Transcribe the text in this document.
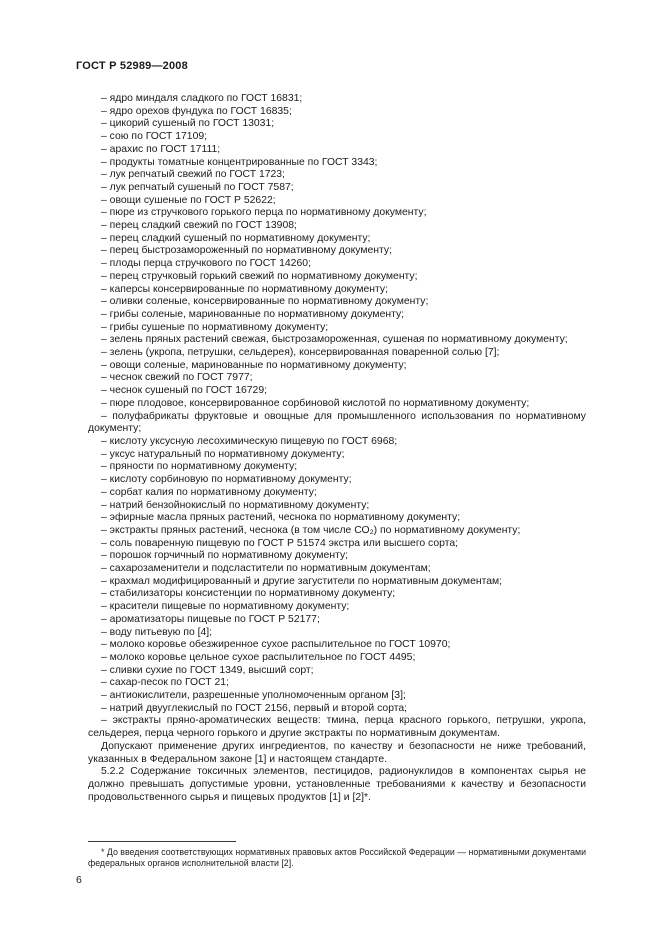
ГОСТ Р 52989—2008

– ядро миндаля сладкого по ГОСТ 16831;

– ядро орехов фундука по ГОСТ 16835;

– цикорий сушеный по ГОСТ 13031;

– сою по ГОСТ 17109;

– арахис по ГОСТ 17111;

– продукты томатные концентрированные по ГОСТ 3343;

– лук репчатый свежий по ГОСТ 1723;

– лук репчатый сушеный по ГОСТ 7587;

– овощи сушеные по ГОСТ Р 52622;

– пюре из стручкового горького перца по нормативному документу;

– перец сладкий свежий по ГОСТ 13908;

– перец сладкий сушеный по нормативному документу;

– перец быстрозамороженный по нормативному документу;

– плоды перца стручкового по ГОСТ 14260;

– перец стручковый горький свежий по нормативному документу;

– каперсы консервированные по нормативному документу;

– оливки соленые, консервированные по нормативному документу;

– грибы соленые, маринованные по нормативному документу;

– грибы сушеные по нормативному документу;

– зелень пряных растений свежая, быстрозамороженная, сушеная по нормативному документу;

– зелень (укропа, петрушки, сельдерея), консервированная поваренной солью [7];

– овощи соленые, маринованные по нормативному документу;

– чеснок свежий по ГОСТ 7977;

– чеснок сушеный по ГОСТ 16729;

– пюре плодовое, консервированное сорбиновой кислотой по нормативному документу;

– полуфабрикаты фруктовые и овощные для промышленного использования по нормативному документу;

– кислоту уксусную лесохимическую пищевую по ГОСТ 6968;

– уксус натуральный по нормативному документу;

– пряности по нормативному документу;

– кислоту сорбиновую по нормативному документу;

– сорбат калия по нормативному документу;

– натрий бензойнокислый по нормативному документу;

– эфирные масла пряных растений, чеснока по нормативному документу;

– экстракты пряных растений, чеснока (в том числе СО₂) по нормативному документу;

– соль поваренную пищевую по ГОСТ Р 51574 экстра или высшего сорта;

– порошок горчичный по нормативному документу;

– сахарозаменители и подсластители по нормативным документам;

– крахмал модифицированный и другие загустители по нормативным документам;

– стабилизаторы консистенции по нормативному документу;

– красители пищевые по нормативному документу;

– ароматизаторы пищевые по ГОСТ Р 52177;

– воду питьевую по [4];

– молоко коровье обезжиренное сухое распылительное по ГОСТ 10970;

– молоко коровье цельное сухое распылительное по ГОСТ 4495;

– сливки сухие по ГОСТ 1349, высший сорт;

– сахар-песок по ГОСТ 21;

– антиокислители, разрешенные уполномоченным органом [3];

– натрий двууглекислый по ГОСТ 2156, первый и второй сорта;

– экстракты пряно-ароматических веществ: тмина, перца красного горького, петрушки, укропа, сельдерея, перца черного горького и другие экстракты по нормативным документам.

Допускают применение других ингредиентов, по качеству и безопасности не ниже требований, указанных в Федеральном законе [1] и настоящем стандарте.

5.2.2 Содержание токсичных элементов, пестицидов, радионуклидов в компонентах сырья не должно превышать допустимые уровни, установленные требованиями к качеству и безопасности продовольственного сырья и пищевых продуктов [1] и [2]*.

* До введения соответствующих нормативных правовых актов Российской Федерации — нормативными документами федеральных органов исполнительной власти [2].

6
